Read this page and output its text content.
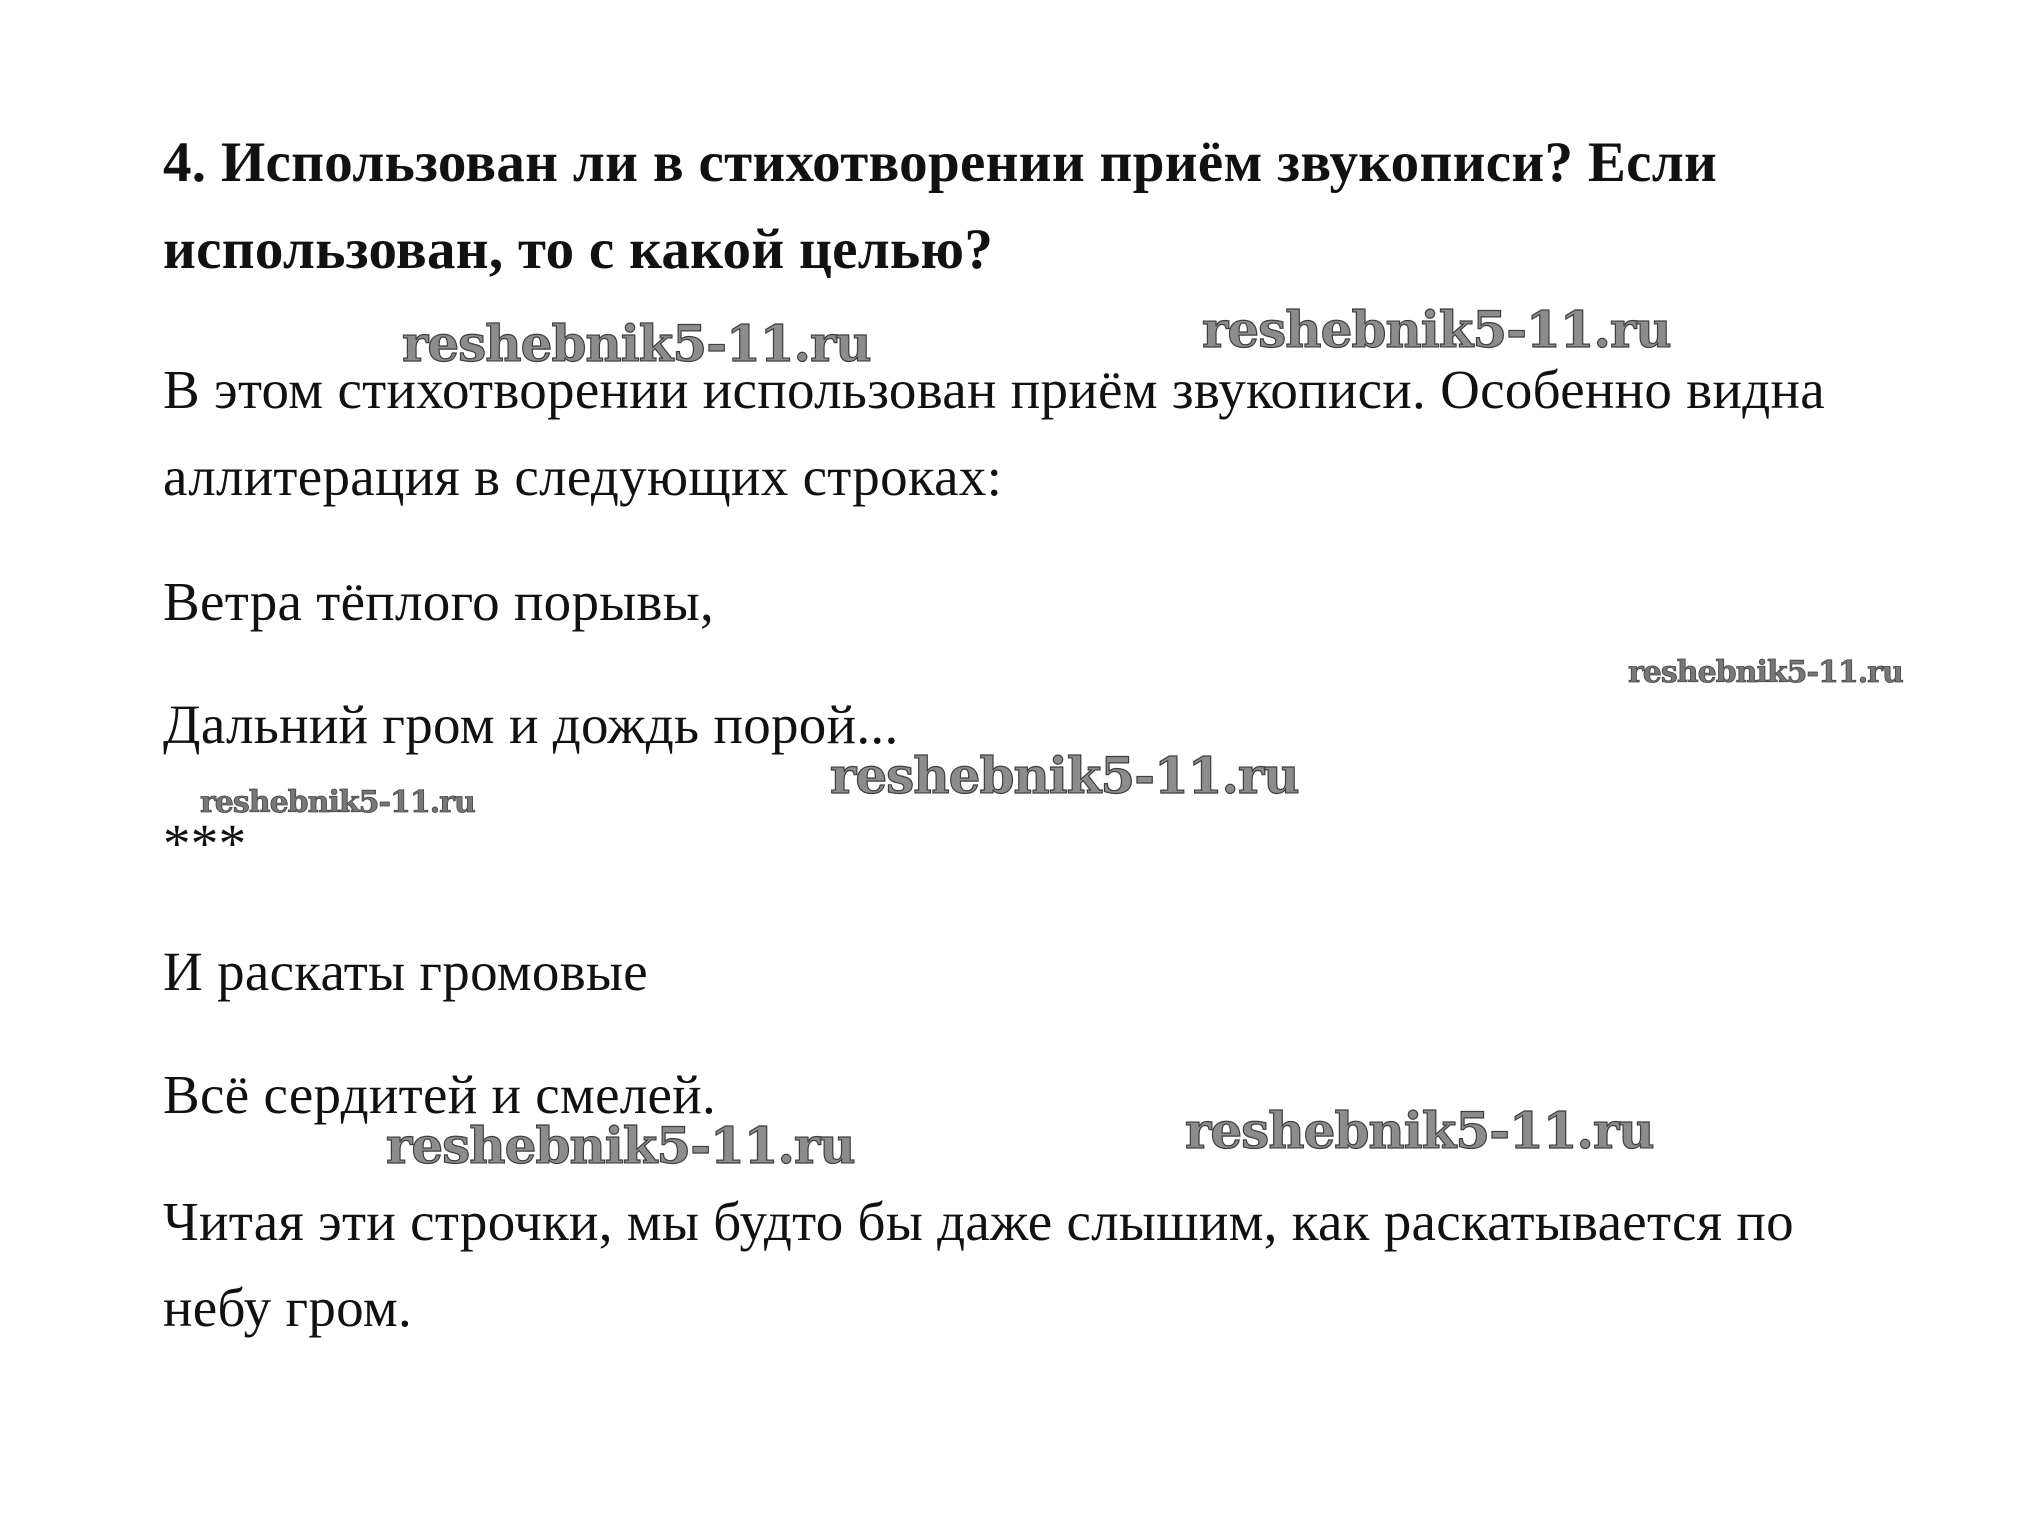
4. Использован ли в стихотворении приём звукописи? Если
использован, то с какой целью?
В этом стихотворении использован приём звукописи. Особенно видна
аллитерация в следующих строках:
Ветра тёплого порывы,
Дальний гром и дождь порой...
***
И раскаты громовые
Всё сердитей и смелей.
Читая эти строчки, мы будто бы даже слышим, как раскатывается по
небу гром.
reshebnik5-11.ru	reshebnik5-11.ru
reshebnik5-11.ru
reshebnik5-11.ru
reshebnik5-11.ru
reshebnik5-11.ru	reshebnik5-11.ru
